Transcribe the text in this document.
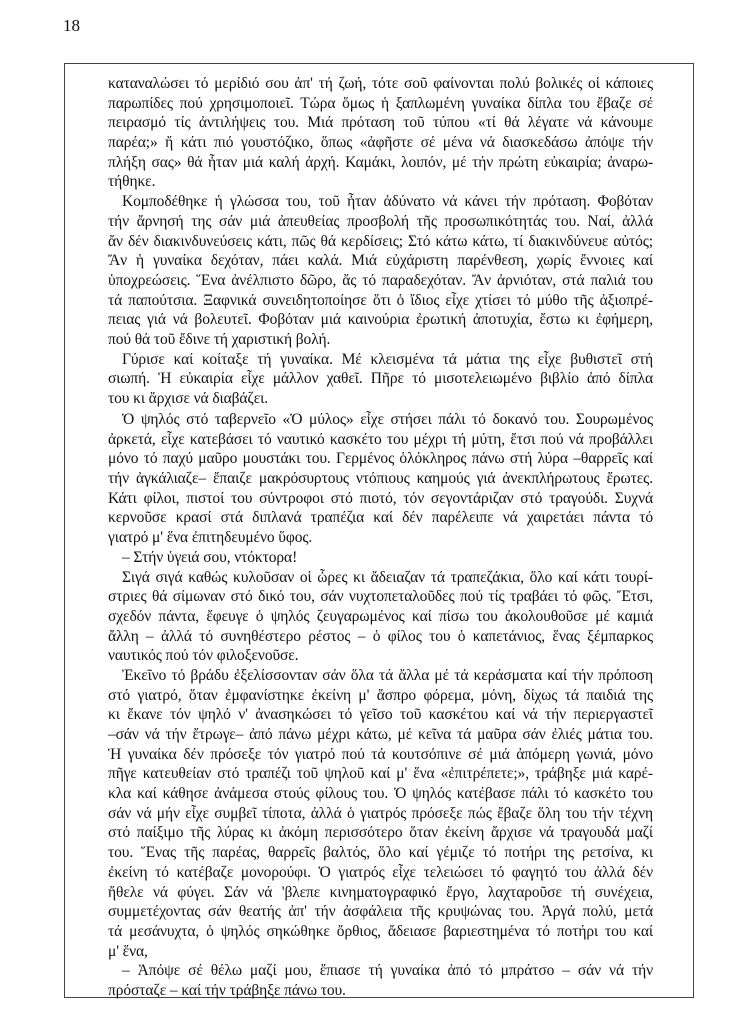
18
καταναλώσει τό μερίδιό σου ἀπ' τή ζωή, τότε σοῦ φαίνονται πολύ βολικές οἱ κάποιες
παρωπίδες πού χρησιμοποιεῖ. Τώρα ὅμως ἡ ξαπλωμένη γυναίκα δίπλα του ἔβαζε σέ
πειρασμό τίς ἀντιλήψεις του. Μιά πρόταση τοῦ τύπου «τί θά λέγατε νά κάνουμε
παρέα;» ἤ κάτι πιό γουστόζικο, ὅπως «ἀφῆστε σέ μένα νά διασκεδάσω ἀπόψε τήν
πλήξη σας» θά ἦταν μιά καλή ἀρχή. Καμάκι, λοιπόν, μέ τήν πρώτη εὐκαιρία; ἀναρω-
τήθηκε.
Κομποδέθηκε ἡ γλώσσα του, τοῦ ἦταν ἀδύνατο νά κάνει τήν πρόταση. Φοβόταν
τήν ἄρνησή της σάν μιά ἀπευθείας προσβολή τῆς προσωπικότητάς του. Ναί, ἀλλά
ἄν δέν διακινδυνεύσεις κάτι, πῶς θά κερδίσεις; Στό κάτω κάτω, τί διακινδύνευε αὐτός;
Ἄν ἡ γυναίκα δεχόταν, πάει καλά. Μιά εὐχάριστη παρένθεση, χωρίς ἔννοιες καί
ὑποχρεώσεις. Ἕνα ἀνέλπιστο δῶρο, ἄς τό παραδεχόταν. Ἄν ἀρνιόταν, στά παλιά του
τά παπούτσια. Ξαφνικά συνειδητοποίησε ὅτι ὁ ἴδιος εἶχε χτίσει τό μύθο τῆς ἀξιοπρέ-
πειας γιά νά βολευτεῖ. Φοβόταν μιά καινούρια ἐρωτική ἀποτυχία, ἔστω κι ἐφήμερη,
πού θά τοῦ ἔδινε τή χαριστική βολή.
Γύρισε καί κοίταξε τή γυναίκα. Μέ κλεισμένα τά μάτια της εἶχε βυθιστεῖ στή
σιωπή. Ἡ εὐκαιρία εἶχε μάλλον χαθεῖ. Πῆρε τό μισοτελειωμένο βιβλίο ἀπό δίπλα
του κι ἄρχισε νά διαβάζει.
Ὁ ψηλός στό ταβερνεῖο «Ὁ μύλος» εἶχε στήσει πάλι τό δοκανό του. Σουρωμένος
ἀρκετά, εἶχε κατεβάσει τό ναυτικό κασκέτο του μέχρι τή μύτη, ἔτσι πού νά προβάλλει
μόνο τό παχύ μαῦρο μουστάκι του. Γερμένος ὁλόκληρος πάνω στή λύρα –θαρρεῖς καί
τήν ἀγκάλιαζε– ἔπαιζε μακρόσυρτους ντόπιους καημούς γιά ἀνεκπλήρωτους ἔρωτες.
Κάτι φίλοι, πιστοί του σύντροφοι στό πιοτό, τόν σεγοντάριζαν στό τραγούδι. Συχνά
κερνοῦσε κρασί στά διπλανά τραπέζια καί δέν παρέλειπε νά χαιρετάει πάντα τό
γιατρό μ' ἕνα ἐπιτηδευμένο ὕφος.
– Στήν ὑγειά σου, ντόκτορα!
Σιγά σιγά καθώς κυλοῦσαν οἱ ὧρες κι ἄδειαζαν τά τραπεζάκια, ὅλο καί κάτι τουρί-
στριες θά σίμωναν στό δικό του, σάν νυχτοπεταλοῦδες πού τίς τραβάει τό φῶς. Ἔτσι,
σχεδόν πάντα, ἔφευγε ὁ ψηλός ζευγαρωμένος καί πίσω του ἀκολουθοῦσε μέ καμιά
ἄλλη – ἀλλά τό συνηθέστερο ρέστος – ὁ φίλος του ὁ καπετάνιος, ἕνας ξέμπαρκος
ναυτικός πού τόν φιλοξενοῦσε.
Ἐκεῖνο τό βράδυ ἐξελίσσονταν σάν ὅλα τά ἄλλα μέ τά κεράσματα καί τήν πρόποση
στό γιατρό, ὅταν ἐμφανίστηκε ἐκείνη μ' ἄσπρο φόρεμα, μόνη, δίχως τά παιδιά της
κι ἔκανε τόν ψηλό ν' ἀνασηκώσει τό γεῖσο τοῦ κασκέτου καί νά τήν περιεργαστεῖ
–σάν νά τήν ἔτρωγε– ἀπό πάνω μέχρι κάτω, μέ κεῖνα τά μαῦρα σάν ἐλιές μάτια του.
Ἡ γυναίκα δέν πρόσεξε τόν γιατρό πού τά κουτσόπινε σέ μιά ἀπόμερη γωνιά, μόνο
πῆγε κατευθείαν στό τραπέζι τοῦ ψηλοῦ καί μ' ἕνα «ἐπιτρέπετε;», τράβηξε μιά καρέ-
κλα καί κάθησε ἀνάμεσα στούς φίλους του. Ὁ ψηλός κατέβασε πάλι τό κασκέτο του
σάν νά μήν εἶχε συμβεῖ τίποτα, ἀλλά ὁ γιατρός πρόσεξε πώς ἔβαζε ὅλη του τήν τέχνη
στό παίξιμο τῆς λύρας κι ἀκόμη περισσότερο ὅταν ἐκείνη ἄρχισε νά τραγουδά μαζί
του. Ἕνας τῆς παρέας, θαρρεῖς βαλτός, ὅλο καί γέμιζε τό ποτήρι της ρετσίνα, κι
ἐκείνη τό κατέβαζε μονορούφι. Ὁ γιατρός εἶχε τελειώσει τό φαγητό του ἀλλά δέν
ἤθελε νά φύγει. Σάν νά 'βλεπε κινηματογραφικό ἔργο, λαχταροῦσε τή συνέχεια,
συμμετέχοντας σάν θεατής ἀπ' τήν ἀσφάλεια τῆς κρυψώνας του. Ἀργά πολύ, μετά
τά μεσάνυχτα, ὁ ψηλός σηκώθηκε ὄρθιος, ἄδειασε βαριεστημένα τό ποτήρι του καί
μ' ἕνα,
– Ἀπόψε σέ θέλω μαζί μου, ἔπιασε τή γυναίκα ἀπό τό μπράτσο – σάν νά τήν
πρόσταζε – καί τήν τράβηξε πάνω του.
